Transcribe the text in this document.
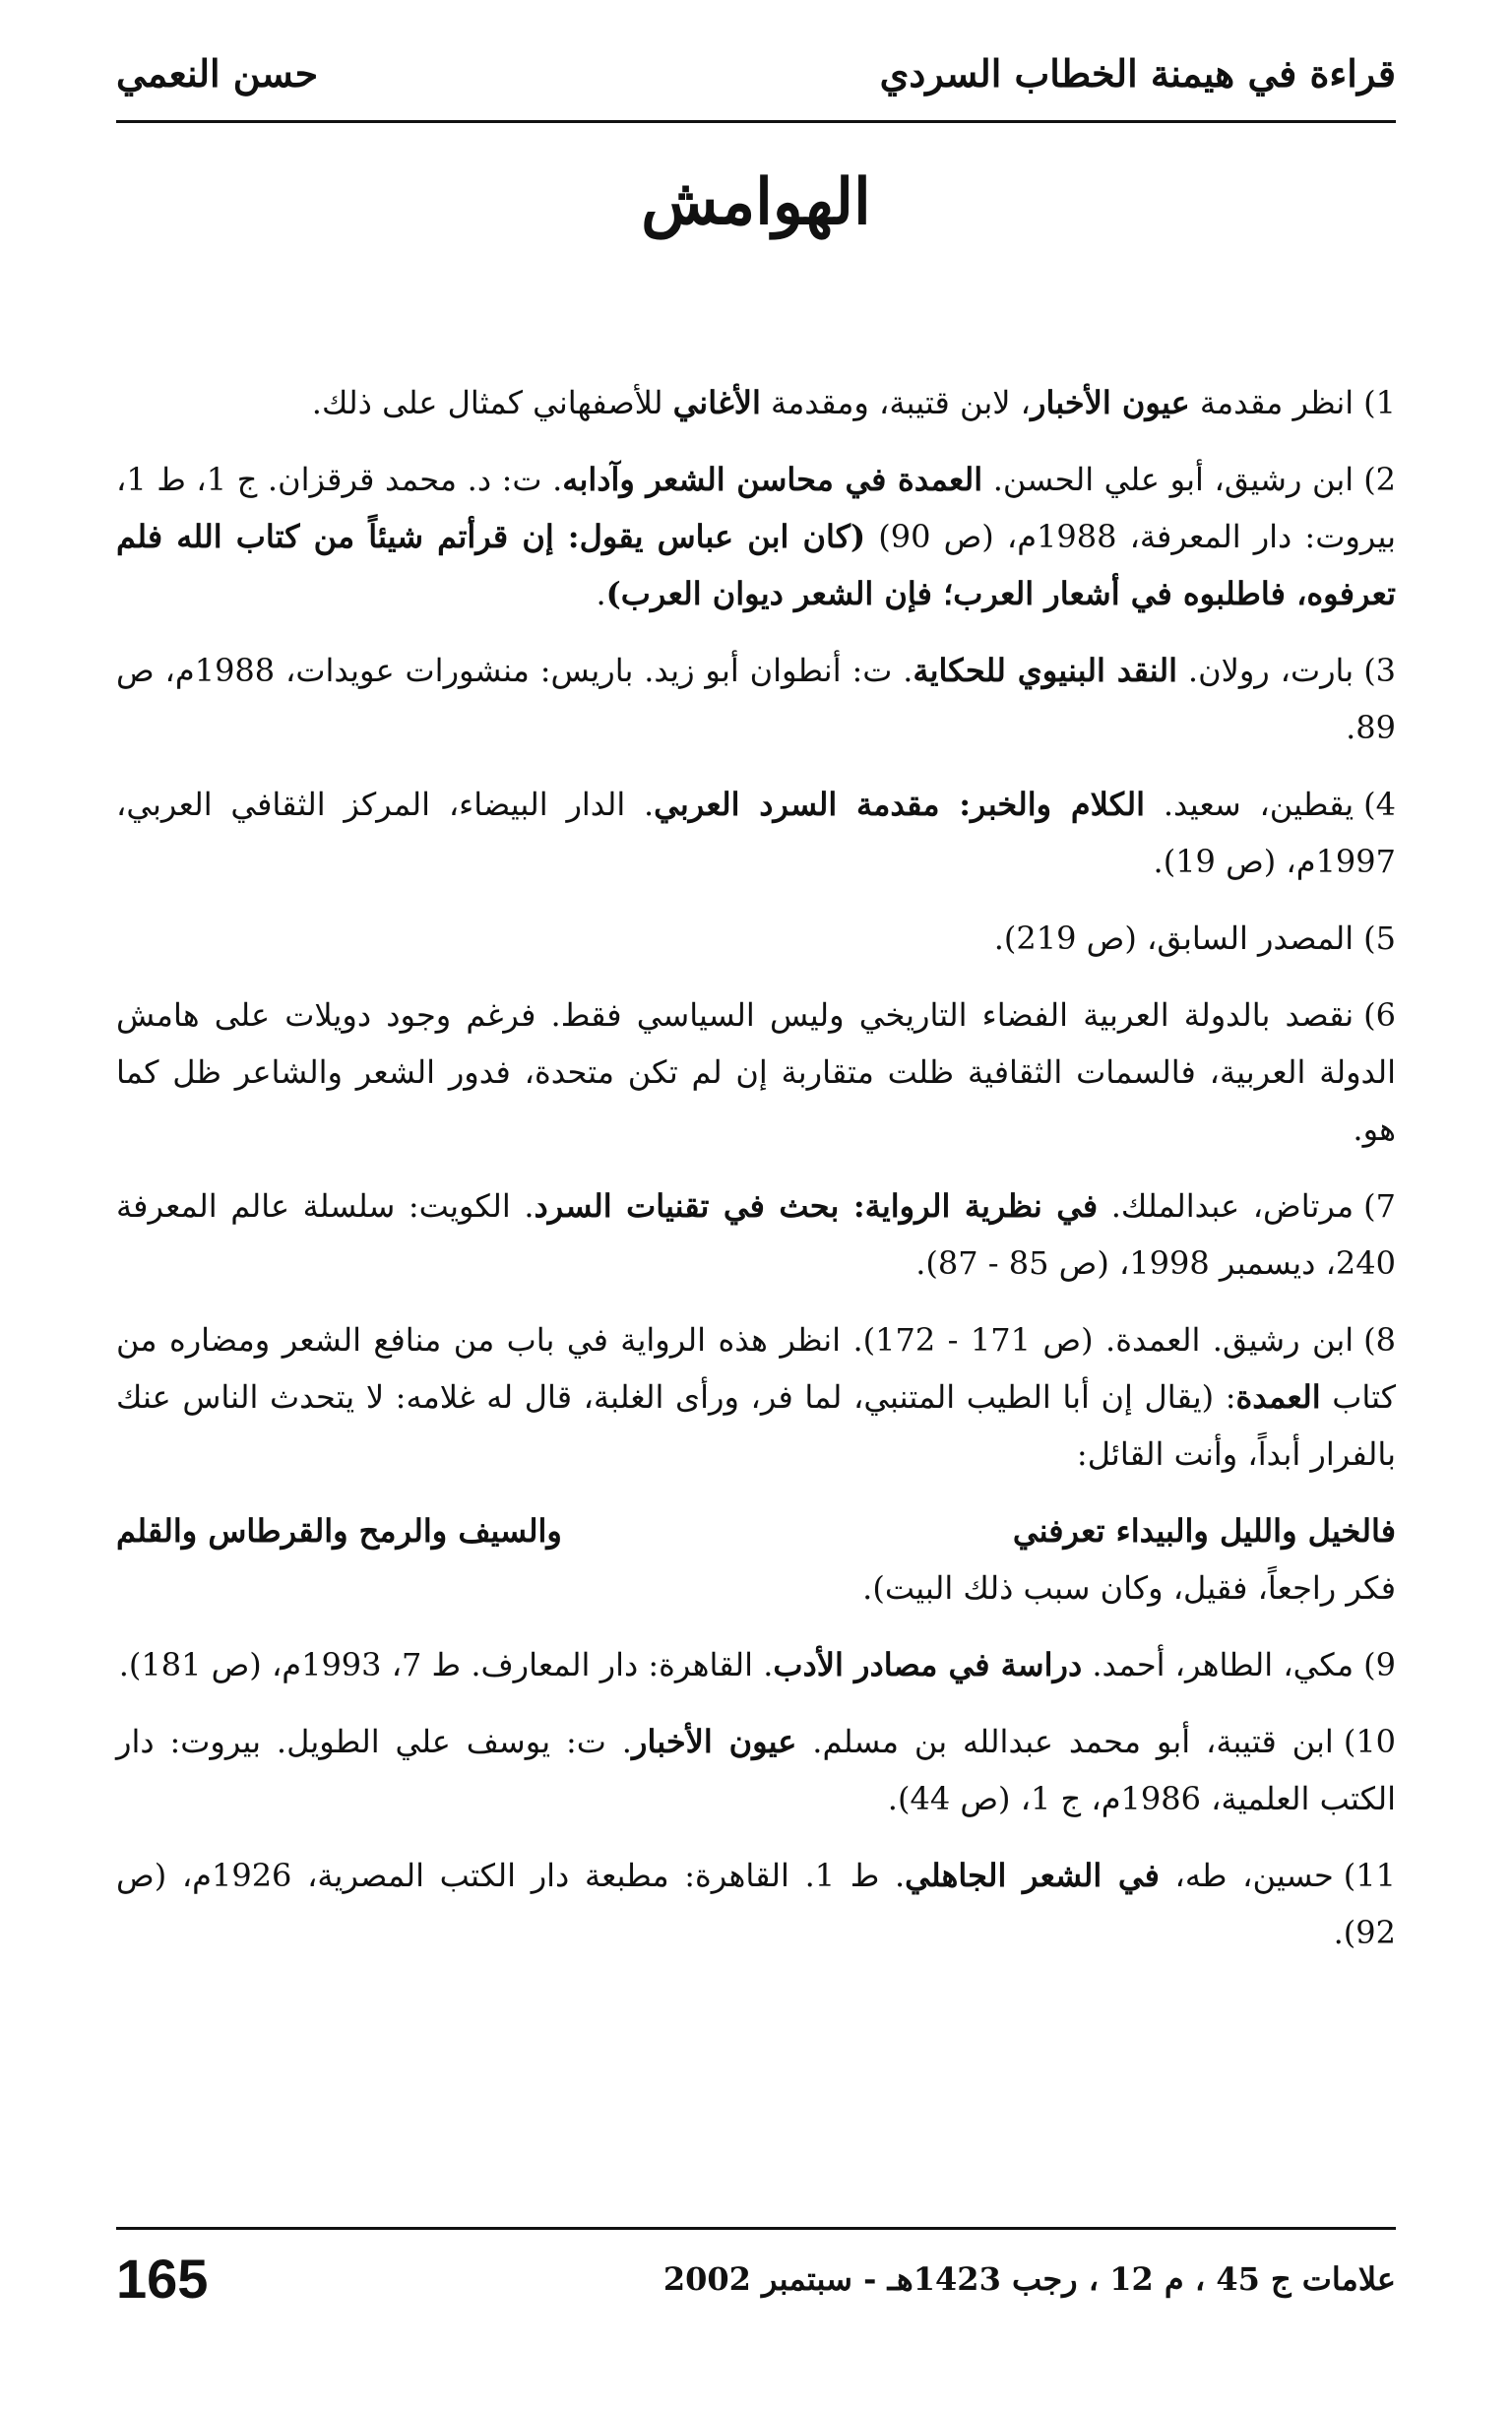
قراءة في هيمنة الخطاب السردي
حسن النعمي
الهوامش

1)انظر مقدمة عيون الأخبار، لابن قتيبة، ومقدمة الأغاني للأصفهاني كمثال على ذلك.

2)ابن رشيق، أبو علي الحسن. العمدة في محاسن الشعر وآدابه. ت: د. محمد قرقزان. ج 1، ط 1، بيروت: دار المعرفة، 1988م، (ص 90) (كان ابن عباس يقول: إن قرأتم شيئاً من كتاب الله فلم تعرفوه، فاطلبوه في أشعار العرب؛ فإن الشعر ديوان العرب).

3)بارت، رولان. النقد البنيوي للحكاية. ت: أنطوان أبو زيد. باريس: منشورات عويدات، 1988م، ص 89.

4)يقطين، سعيد. الكلام والخبر: مقدمة السرد العربي. الدار البيضاء، المركز الثقافي العربي، 1997م، (ص 19).

5)المصدر السابق، (ص 219).

6)نقصد بالدولة العربية الفضاء التاريخي وليس السياسي فقط. فرغم وجود دويلات على هامش الدولة العربية، فالسمات الثقافية ظلت متقاربة إن لم تكن متحدة، فدور الشعر والشاعر ظل كما هو.

7)مرتاض، عبدالملك. في نظرية الرواية: بحث في تقنيات السرد. الكويت: سلسلة عالم المعرفة 240، ديسمبر 1998، (ص 85 - 87).

8)ابن رشيق. العمدة. (ص 171 - 172). انظر هذه الرواية في باب من منافع الشعر ومضاره من كتاب العمدة: (يقال إن أبا الطيب المتنبي، لما فر، ورأى الغلبة، قال له غلامه: لا يتحدث الناس عنك بالفرار أبداً، وأنت القائل:

فالخيل والليل والبيداء تعرفني
والسيف والرمح والقرطاس والقلم

فكر راجعاً، فقيل، وكان سبب ذلك البيت).

9)مكي، الطاهر، أحمد. دراسة في مصادر الأدب. القاهرة: دار المعارف. ط 7، 1993م، (ص 181).

10)ابن قتيبة، أبو محمد عبدالله بن مسلم. عيون الأخبار. ت: يوسف علي الطويل. بيروت: دار الكتب العلمية، 1986م، ج 1، (ص 44).

11)حسين، طه، في الشعر الجاهلي. ط 1. القاهرة: مطبعة دار الكتب المصرية، 1926م، (ص 92).

علامات ج 45 ، م 12 ، رجب 1423هـ - سبتمبر 2002
165
